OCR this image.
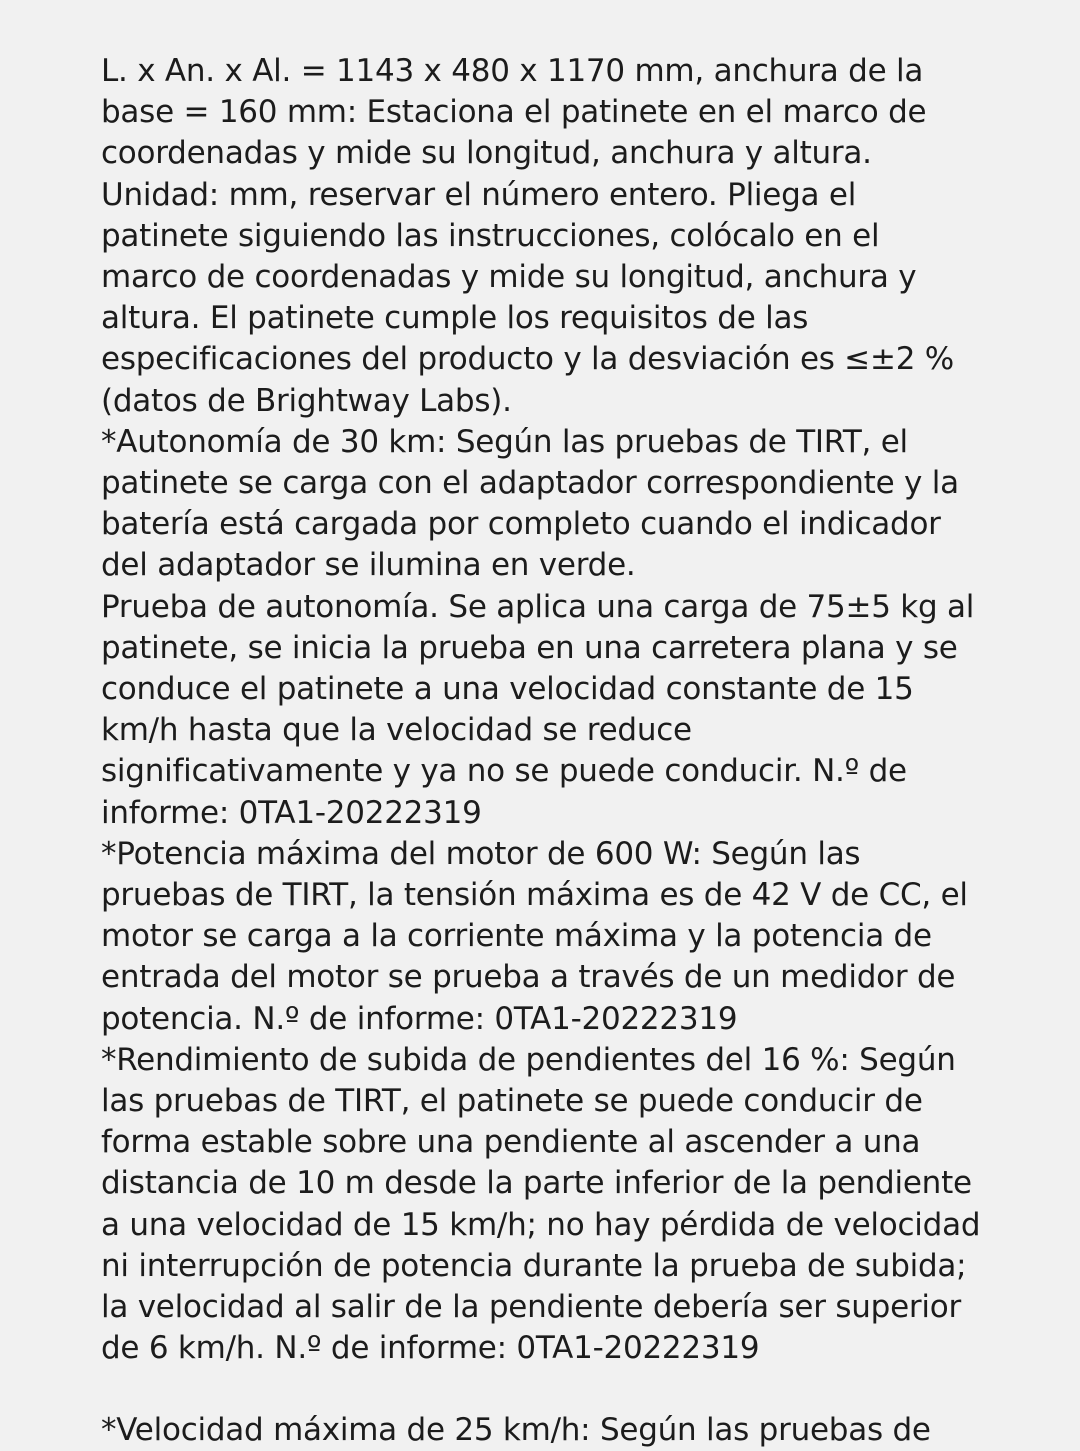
L. x An. x Al. = 1143 x 480 x 1170 mm, anchura de la base = 160 mm: Estaciona el patinete en el marco de coordenadas y mide su longitud, anchura y altura. Unidad: mm, reservar el número entero. Pliega el patinete siguiendo las instrucciones, colócalo en el marco de coordenadas y mide su longitud, anchura y altura. El patinete cumple los requisitos de las especificaciones del producto y la desviación es ≤±2 % (datos de Brightway Labs).

*Autonomía de 30 km: Según las pruebas de TIRT, el patinete se carga con el adaptador correspondiente y la batería está cargada por completo cuando el indicador del adaptador se ilumina en verde.

Prueba de autonomía. Se aplica una carga de 75±5 kg al patinete, se inicia la prueba en una carretera plana y se conduce el patinete a una velocidad constante de 15 km/h hasta que la velocidad se reduce significativamente y ya no se puede conducir. N.º de informe: 0TA1-20222319

*Potencia máxima del motor de 600 W: Según las pruebas de TIRT, la tensión máxima es de 42 V de CC, el motor se carga a la corriente máxima y la potencia de entrada del motor se prueba a través de un medidor de potencia. N.º de informe: 0TA1-20222319

*Rendimiento de subida de pendientes del 16 %: Según las pruebas de TIRT, el patinete se puede conducir de forma estable sobre una pendiente al ascender a una distancia de 10 m desde la parte inferior de la pendiente a una velocidad de 15 km/h; no hay pérdida de velocidad ni interrupción de potencia durante la prueba de subida; la velocidad al salir de la pendiente debería ser superior de 6 km/h. N.º de informe: 0TA1-20222319

*Velocidad máxima de 25 km/h: Según las pruebas de
